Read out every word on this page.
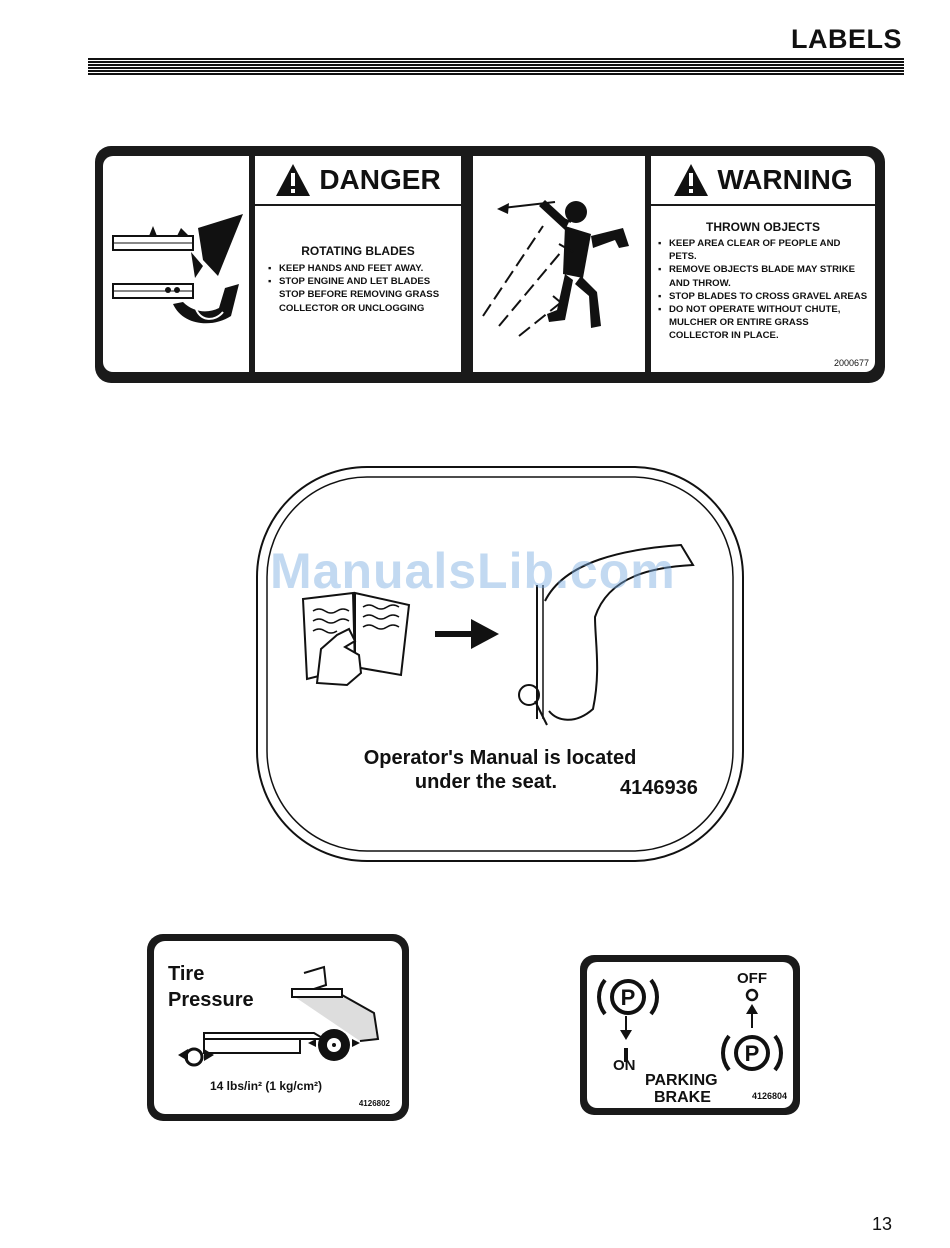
LABELS
DANGER
ROTATING BLADES
▪ KEEP HANDS AND FEET AWAY.
▪ STOP ENGINE AND LET BLADES STOP BEFORE REMOVING GRASS COLLECTOR OR UNCLOGGING
WARNING
THROWN OBJECTS
▪ KEEP AREA CLEAR OF PEOPLE AND PETS.
▪ REMOVE OBJECTS BLADE MAY STRIKE AND THROW.
▪ STOP BLADES TO CROSS GRAVEL AREAS
▪ DO NOT OPERATE WITHOUT CHUTE, MULCHER OR ENTIRE GRASS COLLECTOR IN PLACE.
2000677
Operator's Manual is located
under the seat.	4146936
ManualsLib.com
Tire
Pressure
14 lbs/in² (1 kg/cm²)
4126802
P
ON
OFF
P
PARKING
BRAKE	4126804
13
